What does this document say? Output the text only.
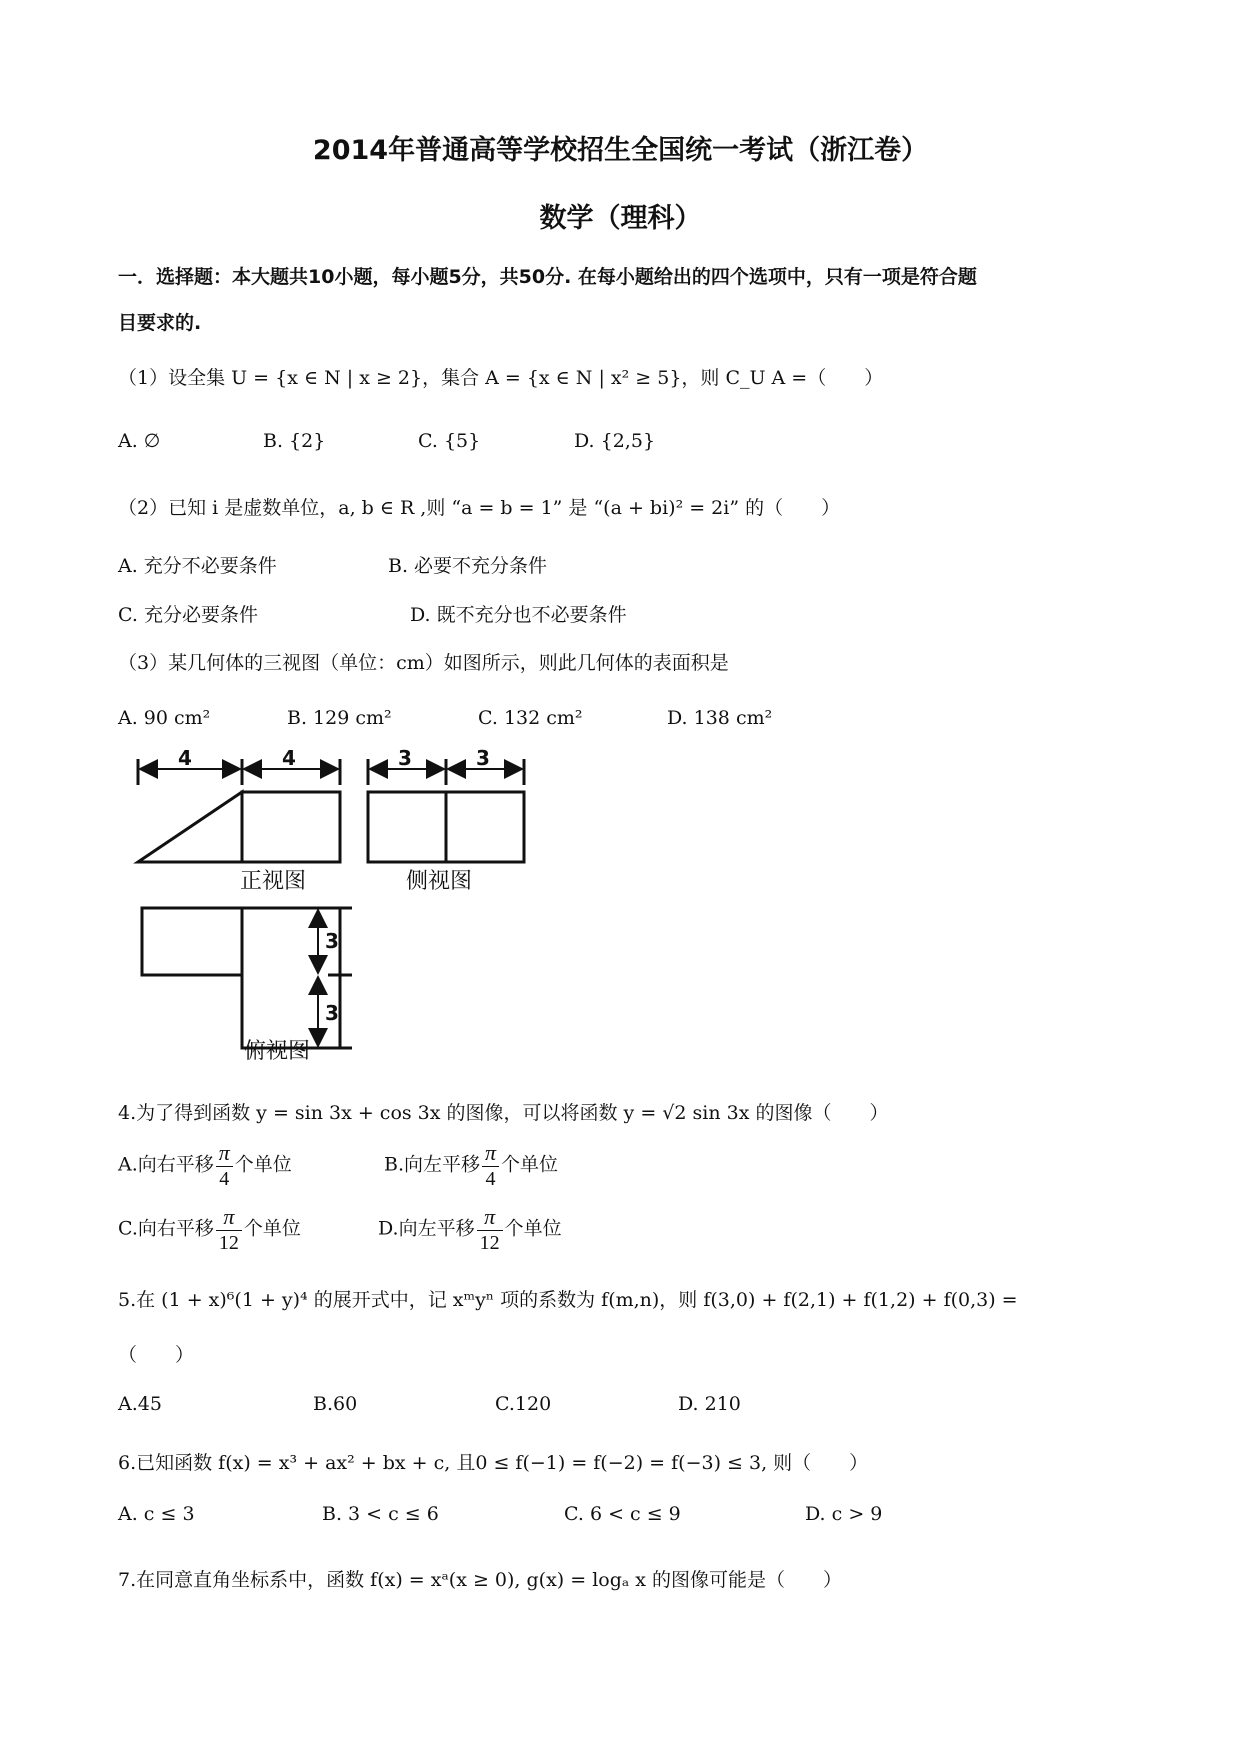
2014年普通高等学校招生全国统一考试（浙江卷）
数学（理科）
一．选择题：本大题共10小题，每小题5分，共50分. 在每小题给出的四个选项中，只有一项是符合题
目要求的.
（1）设全集 U = {x ∈ N | x ≥ 2}，集合 A = {x ∈ N | x² ≥ 5}，则 C_U A =（　　）
A. ∅	B. {2}	C. {5}	D. {2,5}
（2）已知 i 是虚数单位，a, b ∈ R ,则 “a = b = 1” 是 “(a + bi)² = 2i” 的（　　）
A. 充分不必要条件	B. 必要不充分条件
C. 充分必要条件	D. 既不充分也不必要条件
（3）某几何体的三视图（单位：cm）如图所示，则此几何体的表面积是
A. 90 cm²	B. 129 cm²	C. 132 cm²	D. 138 cm²
4	4	3	3
3
3
正视图	侧视图
俯视图
4.为了得到函数 y = sin 3x + cos 3x 的图像，可以将函数 y = √2 sin 3x 的图像（　　）
A.向右平移 $\frac{\pi}{4}$ 个单位	B.向左平移 $\frac{\pi}{4}$ 个单位
C.向右平移 $\frac{\pi}{12}$ 个单位	D.向左平移 $\frac{\pi}{12}$ 个单位
5.在 (1 + x)⁶(1 + y)⁴ 的展开式中，记 xᵐyⁿ 项的系数为 f(m,n)，则 f(3,0) + f(2,1) + f(1,2) + f(0,3) =
（　　）
A.45	B.60	C.120	D. 210
6.已知函数 f(x) = x³ + ax² + bx + c, 且0 ≤ f(−1) = f(−2) = f(−3) ≤ 3, 则（　　）
A. c ≤ 3	B. 3 < c ≤ 6	C. 6 < c ≤ 9	D. c > 9
7.在同意直角坐标系中，函数 f(x) = xᵃ(x ≥ 0), g(x) = logₐ x 的图像可能是（　　）
